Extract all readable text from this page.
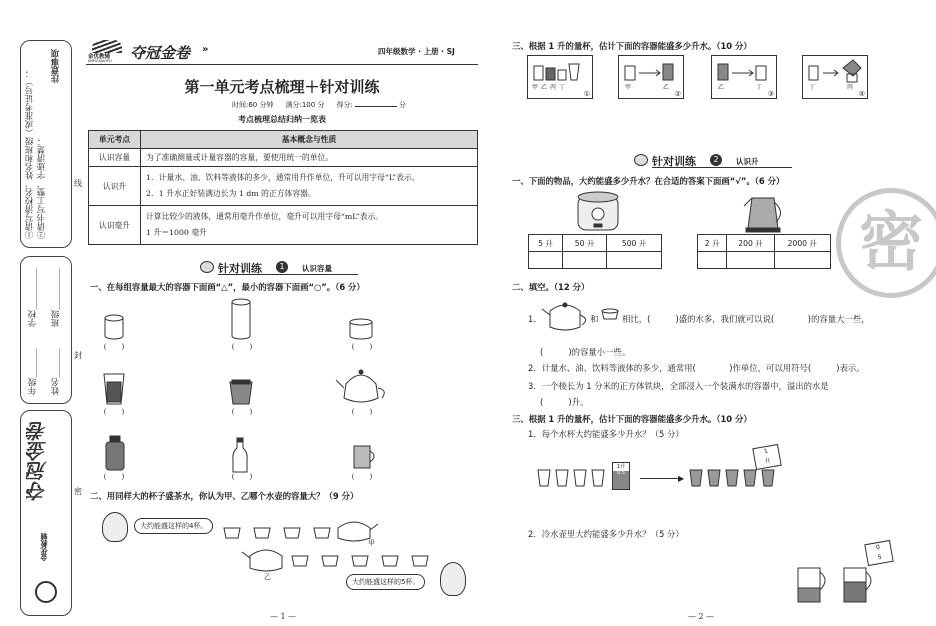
注意事项
①请写清校名、姓名和班级（或准考证号）； ②请书写工整、字迹清楚；	线
封
密
学校__________
年级_______
班级__________
姓名_______
夺冠金卷
金优教辅
金优教辅
JINYOUJIAOFU 夺冠金卷 »	四年级数学 · 上册 · SJ
第一单元考点梳理＋针对训练
时间:60 分钟 满分:100 分 得分:	分
考点梳理总结归纳一览表
单元考点	基本概念与性质
认识容量	为了准确测量或计量容器的容量，要使用统一的单位。

认识升	1．计量水、油、饮料等液体的多少，通常用升作单位，升可以用字母“L”表示。
2．1 升水正好装满边长为 1 dm 的正方体容器。

认识毫升	计算比较少的液体，通常用毫升作单位，毫升可以用字母“mL”表示。
1 升＝1000 毫升
针对训练	1	认识容量
一、在每组容量最大的容器下面画“△”，最小的容器下面画“○”。（6 分）
(　　)	(　　)	(　　)
(　　)	(　　)	(　　)
(　　)	(　　)	(　　)
二、用同样大的杯子盛茶水，你认为甲、乙哪个水壶的容量大？（9 分）
大约能盛这样的4杯。
甲
乙
大约能盛这样的5杯。
— 1 —
三、根据 1 升的量杯，估计下面的容器能盛多少升水。（10 分）
甲乙丙丁
①
甲	乙
②
乙	丁
③
丁	丙
④
针对训练	2	认识升
一、下面的物品，大约能盛多少升水？在合适的答案下面画“√”。（6 分）
5 升	50 升	500 升
			2 升	200 升	2000 升
		密
二、填空。（12 分）
1．	和	相比，(　　　)盛的水多，我们就可以说(　　　　)的容量大一些，
(　　　)的容量小一些。
2．计量水、油、饮料等液体的多少，通常用(　　　　)作单位，可以用符号(　　　)表示。
3．一个棱长为 1 分米的正方体铁块，全部浸入一个装满水的容器中，溢出的水是
(　　　)升。
三、根据 1 升的量杯，估计下面的容器能盛多少升水。（10 分）
1．每个水杯大约能盛多少升水？（5 分）
1升
0.5
▶
1
升
2．冷水壶里大约能盛多少升水？（5 分）
0
5
— 2 —
